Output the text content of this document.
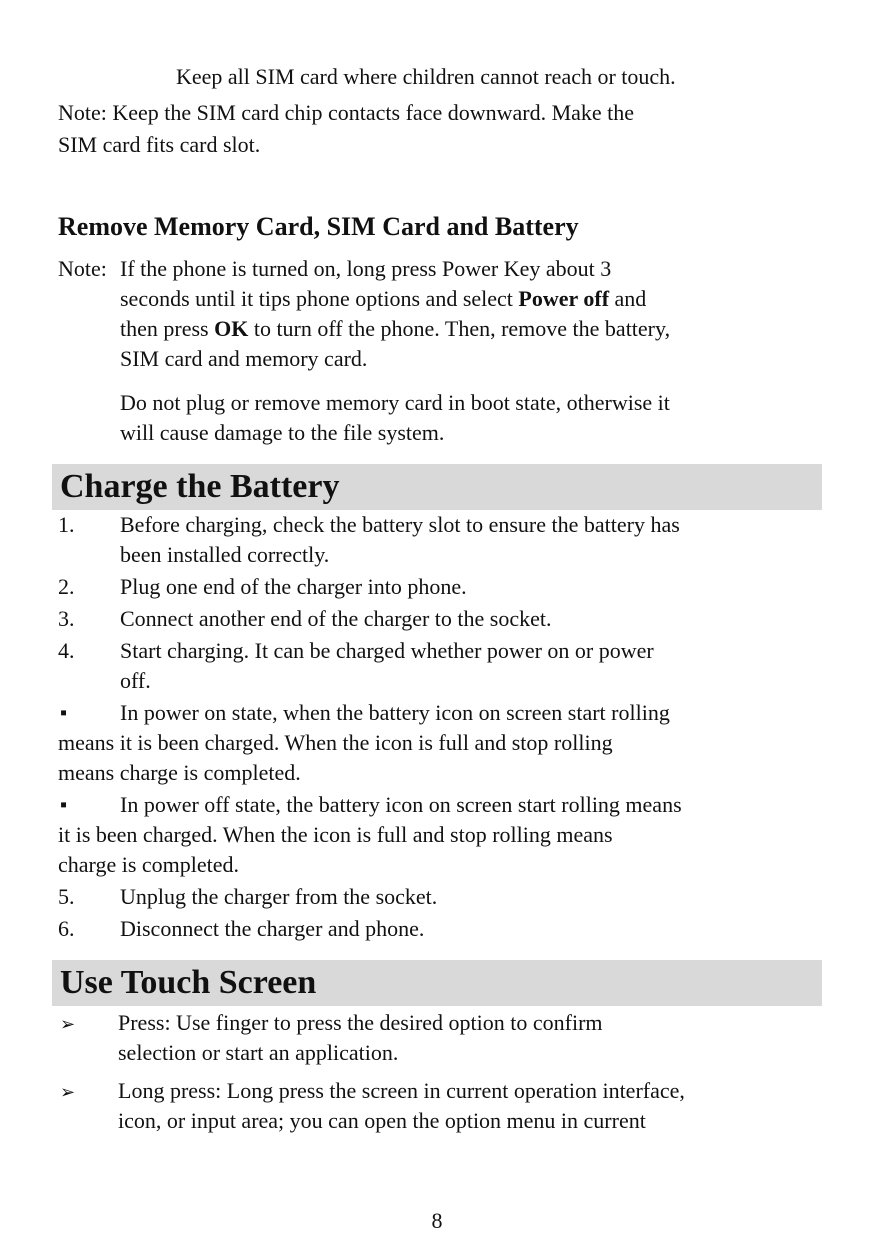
Keep all SIM card where children cannot reach or touch.
Note: Keep the SIM card chip contacts face downward. Make the
SIM card fits card slot.
Remove Memory Card, SIM Card and Battery
Note: If the phone is turned on, long press Power Key about 3
seconds until it tips phone options and select Power off and
then press OK to turn off the phone. Then, remove the battery,
SIM card and memory card.
Do not plug or remove memory card in boot state, otherwise it
will cause damage to the file system.
Charge the Battery
1. Before charging, check the battery slot to ensure the battery has
been installed correctly.
2. Plug one end of the charger into phone.
3. Connect another end of the charger to the socket.
4. Start charging. It can be charged whether power on or power
off.
▪ In power on state, when the battery icon on screen start rolling
means it is been charged. When the icon is full and stop rolling
means charge is completed.
▪ In power off state, the battery icon on screen start rolling means
it is been charged. When the icon is full and stop rolling means
charge is completed.
5. Unplug the charger from the socket.
6. Disconnect the charger and phone.
Use Touch Screen
➢ Press: Use finger to press the desired option to confirm
selection or start an application.
➢ Long press: Long press the screen in current operation interface,
icon, or input area; you can open the option menu in current
8
